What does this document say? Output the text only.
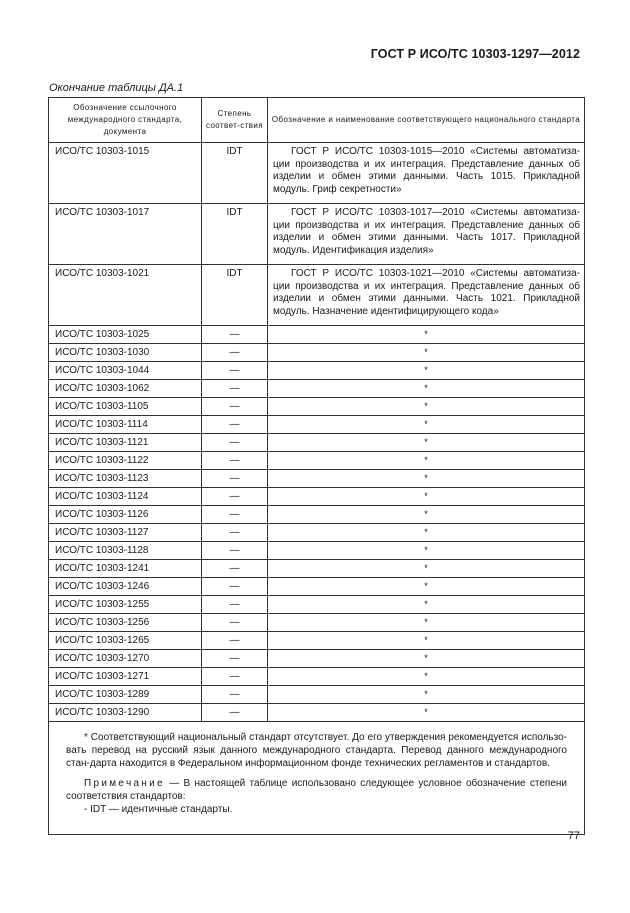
ГОСТ Р ИСО/ТС 10303-1297—2012
Окончание таблицы ДА.1
Обозначение ссылочного международного стандарта, документа	Степень соответ-ствия	Обозначение и наименование соответствующего национального стандарта
ИСО/ТС 10303-1015	IDT	ГОСТ Р ИСО/ТС 10303-1015—2010 «Системы автоматиза-ции производства и их интеграция. Представление данных об изделии и обмен этими данными. Часть 1015. Прикладной модуль. Гриф секретности»
ИСО/ТС 10303-1017	IDT	ГОСТ Р ИСО/ТС 10303-1017—2010 «Системы автоматиза-ции производства и их интеграция. Представление данных об изделии и обмен этими данными. Часть 1017. Прикладной модуль. Идентификация изделия»
ИСО/ТС 10303-1021	IDT	ГОСТ Р ИСО/ТС 10303-1021—2010 «Системы автоматиза-ции производства и их интеграция. Представление данных об изделии и обмен этими данными. Часть 1021. Прикладной модуль. Назначение идентифицирующего кода»
ИСО/ТС 10303-1025	—	*
ИСО/ТС 10303-1030	—	*
ИСО/ТС 10303-1044	—	*
ИСО/ТС 10303-1062	—	*
ИСО/ТС 10303-1105	—	*
ИСО/ТС 10303-1114	—	*
ИСО/ТС 10303-1121	—	*
ИСО/ТС 10303-1122	—	*
ИСО/ТС 10303-1123	—	*
ИСО/ТС 10303-1124	—	*
ИСО/ТС 10303-1126	—	*
ИСО/ТС 10303-1127	—	*
ИСО/ТС 10303-1128	—	*
ИСО/ТС 10303-1241	—	*
ИСО/ТС 10303-1246	—	*
ИСО/ТС 10303-1255	—	*
ИСО/ТС 10303-1256	—	*
ИСО/ТС 10303-1265	—	*
ИСО/ТС 10303-1270	—	*
ИСО/ТС 10303-1271	—	*
ИСО/ТС 10303-1289	—	*
ИСО/ТС 10303-1290	—	*

* Соответствующий национальный стандарт отсутствует. До его утверждения рекомендуется использо-вать перевод на русский язык данного международного стандарта. Перевод данного международного стан-дарта находится в Федеральном информационном фонде технических регламентов и стандартов.

Примечание — В настоящей таблице использовано следующее условное обозначение степени соответствия стандартов:

- IDT — идентичные стандарты.		

77
